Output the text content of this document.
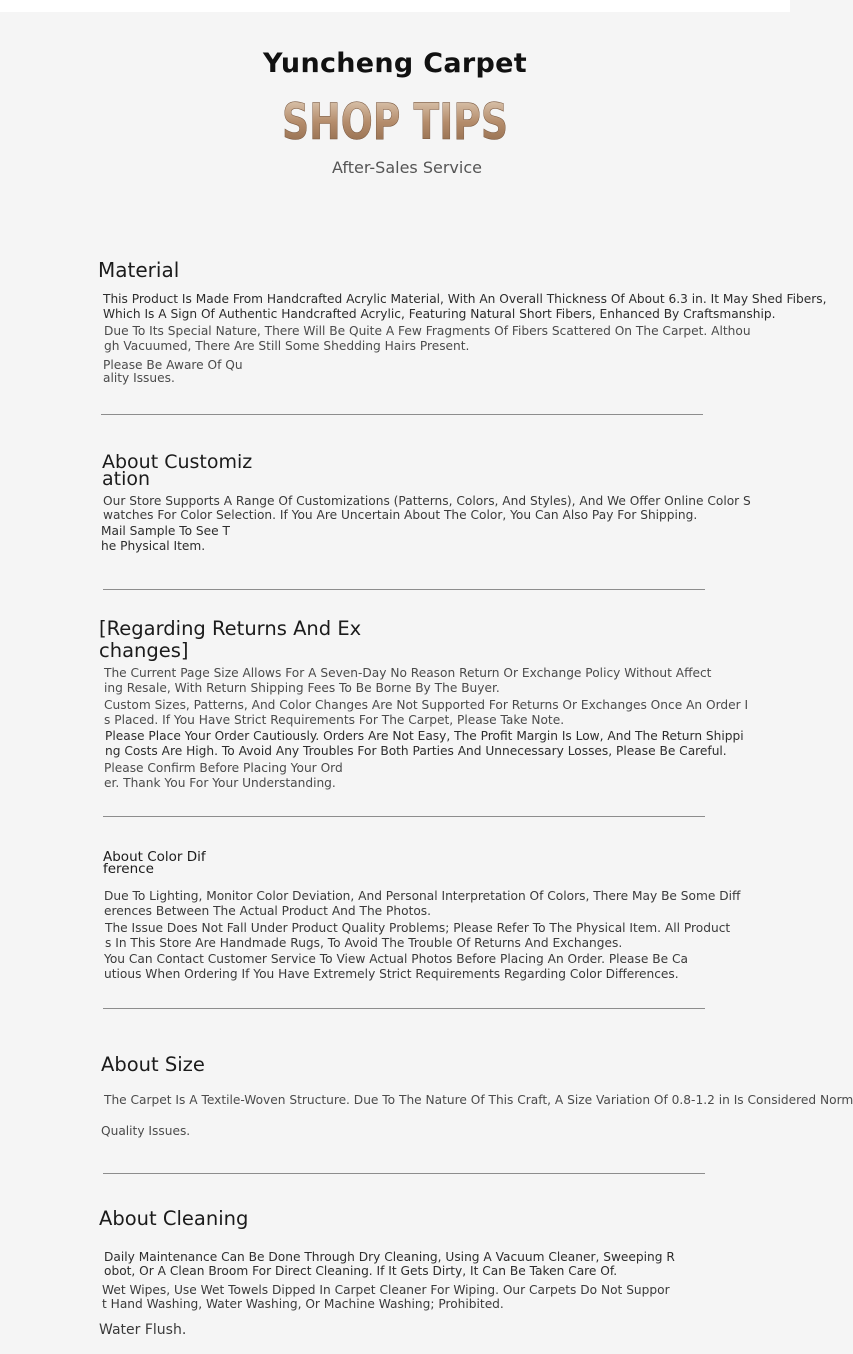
Yuncheng Carpet
SHOP TIPS
After-Sales Service
Material
This Product Is Made From Handcrafted Acrylic Material, With An Overall Thickness Of About 6.3 in. It May Shed Fibers,
Which Is A Sign Of Authentic Handcrafted Acrylic, Featuring Natural Short Fibers, Enhanced By Craftsmanship.
Due To Its Special Nature, There Will Be Quite A Few Fragments Of Fibers Scattered On The Carpet. Althou
gh Vacuumed, There Are Still Some Shedding Hairs Present.
Please Be Aware Of Qu
ality Issues.
About Customiz
ation
Our Store Supports A Range Of Customizations (Patterns, Colors, And Styles), And We Offer Online Color S
watches For Color Selection. If You Are Uncertain About The Color, You Can Also Pay For Shipping.
Mail Sample To See T
he Physical Item.
[Regarding Returns And Ex
changes]
The Current Page Size Allows For A Seven-Day No Reason Return Or Exchange Policy Without Affect
ing Resale, With Return Shipping Fees To Be Borne By The Buyer.
Custom Sizes, Patterns, And Color Changes Are Not Supported For Returns Or Exchanges Once An Order I
s Placed. If You Have Strict Requirements For The Carpet, Please Take Note.
Please Place Your Order Cautiously. Orders Are Not Easy, The Profit Margin Is Low, And The Return Shippi
ng Costs Are High. To Avoid Any Troubles For Both Parties And Unnecessary Losses, Please Be Careful.
Please Confirm Before Placing Your Ord
er. Thank You For Your Understanding.
About Color Dif
ference
Due To Lighting, Monitor Color Deviation, And Personal Interpretation Of Colors, There May Be Some Diff
erences Between The Actual Product And The Photos.
The Issue Does Not Fall Under Product Quality Problems; Please Refer To The Physical Item. All Product
s In This Store Are Handmade Rugs, To Avoid The Trouble Of Returns And Exchanges.
You Can Contact Customer Service To View Actual Photos Before Placing An Order. Please Be Ca
utious When Ordering If You Have Extremely Strict Requirements Regarding Color Differences.
About Size
The Carpet Is A Textile-Woven Structure. Due To The Nature Of This Craft, A Size Variation Of 0.8-1.2 in Is Considered Norm
Quality Issues.
About Cleaning
Daily Maintenance Can Be Done Through Dry Cleaning, Using A Vacuum Cleaner, Sweeping R
obot, Or A Clean Broom For Direct Cleaning. If It Gets Dirty, It Can Be Taken Care Of.
Wet Wipes, Use Wet Towels Dipped In Carpet Cleaner For Wiping. Our Carpets Do Not Suppor
t Hand Washing, Water Washing, Or Machine Washing; Prohibited.
Water Flush.
